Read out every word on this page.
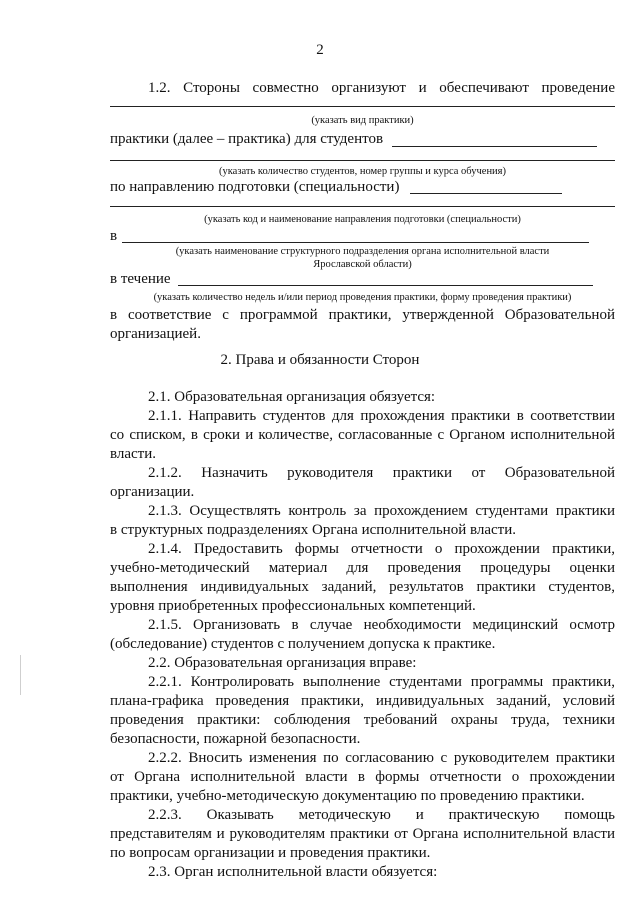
2
1.2. Стороны совместно организуют и обеспечивают проведение
(указать вид практики)
практики (далее – практика) для студентов
(указать количество студентов, номер группы и курса обучения)
по направлению подготовки (специальности)
(указать код и наименование направления подготовки (специальности)
в
(указать наименование структурного подразделения органа исполнительной власти
Ярославской области)
в течение
(указать количество недель и/или период проведения практики, форму проведения практики)
в соответствие с программой практики, утвержденной Образовательной
организацией.
2. Права и обязанности Сторон
2.1. Образовательная организация обязуется:
2.1.1. Направить студентов для прохождения практики в соответствии
со списком, в сроки и количестве, согласованные с Органом исполнительной
власти.
2.1.2. Назначить руководителя практики от Образовательной
организации.
2.1.3. Осуществлять контроль за прохождением студентами практики
в структурных подразделениях Органа исполнительной власти.
2.1.4. Предоставить формы отчетности о прохождении практики,
учебно-методический материал для проведения процедуры оценки
выполнения индивидуальных заданий, результатов практики студентов,
уровня приобретенных профессиональных компетенций.
2.1.5. Организовать в случае необходимости медицинский осмотр
(обследование) студентов с получением допуска к практике.
2.2. Образовательная организация вправе:
2.2.1. Контролировать выполнение студентами программы практики,
плана-графика проведения практики, индивидуальных заданий, условий
проведения практики: соблюдения требований охраны труда, техники
безопасности, пожарной безопасности.
2.2.2. Вносить изменения по согласованию с руководителем практики
от Органа исполнительной власти в формы отчетности о прохождении
практики, учебно-методическую документацию по проведению практики.
2.2.3. Оказывать методическую и практическую помощь
представителям и руководителям практики от Органа исполнительной власти
по вопросам организации и проведения практики.
2.3. Орган исполнительной власти обязуется:
